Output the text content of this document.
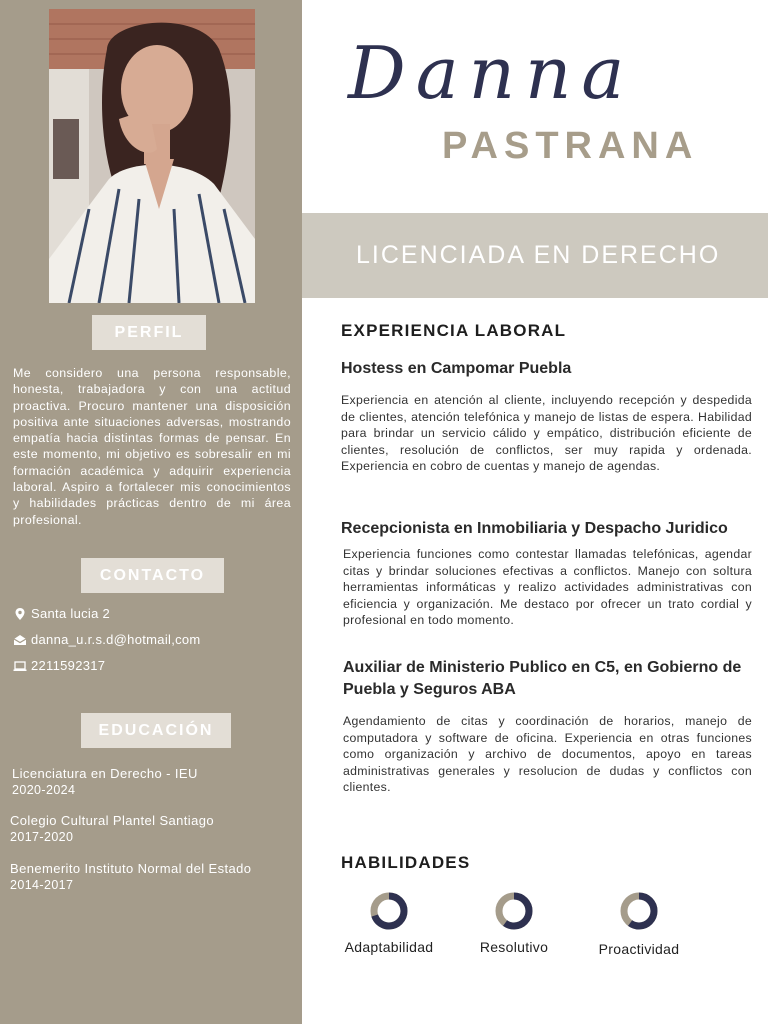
PERFIL

Me considero una persona responsable, honesta, trabajadora y con una actitud proactiva. Procuro mantener una disposición positiva ante situaciones adversas, mostrando empatía hacia distintas formas de pensar. En este momento, mi objetivo es sobresalir en mi formación académica y adquirir experiencia laboral. Aspiro a fortalecer mis conocimientos y habilidades prácticas dentro de mi área profesional.

CONTACTO
Santa lucia 2
danna_u.r.s.d@hotmail,com
2211592317
EDUCACIÓN
Licenciatura en Derecho - IEU
2020-2024
Colegio Cultural Plantel Santiago
2017-2020
Benemerito Instituto Normal del Estado
2014-2017
Danna
PASTRANA
LICENCIADA EN DERECHO
EXPERIENCIA LABORAL
Hostess en Campomar Puebla

Experiencia en atención al cliente, incluyendo recepción y despedida de clientes, atención telefónica y manejo de listas de espera. Habilidad para brindar un servicio cálido y empático, distribución eficiente de clientes, resolución de conflictos, ser muy rapida y ordenada. Experiencia en cobro de cuentas y manejo de agendas.

Recepcionista en Inmobiliaria y Despacho Juridico

Experiencia funciones como contestar llamadas telefónicas, agendar citas y brindar soluciones efectivas a conflictos. Manejo con soltura herramientas informáticas y realizo actividades administrativas con eficiencia y organización. Me destaco por ofrecer un trato cordial y profesional en todo momento.

Auxiliar de Ministerio Publico en C5, en Gobierno de Puebla y Seguros ABA

Agendamiento de citas y coordinación de horarios, manejo de computadora y software de oficina. Experiencia en otras funciones como organización y archivo de documentos, apoyo en tareas administrativas generales y resolucion de dudas y conflictos con clientes.

HABILIDADES
Adaptabilidad	Resolutivo	Proactividad
